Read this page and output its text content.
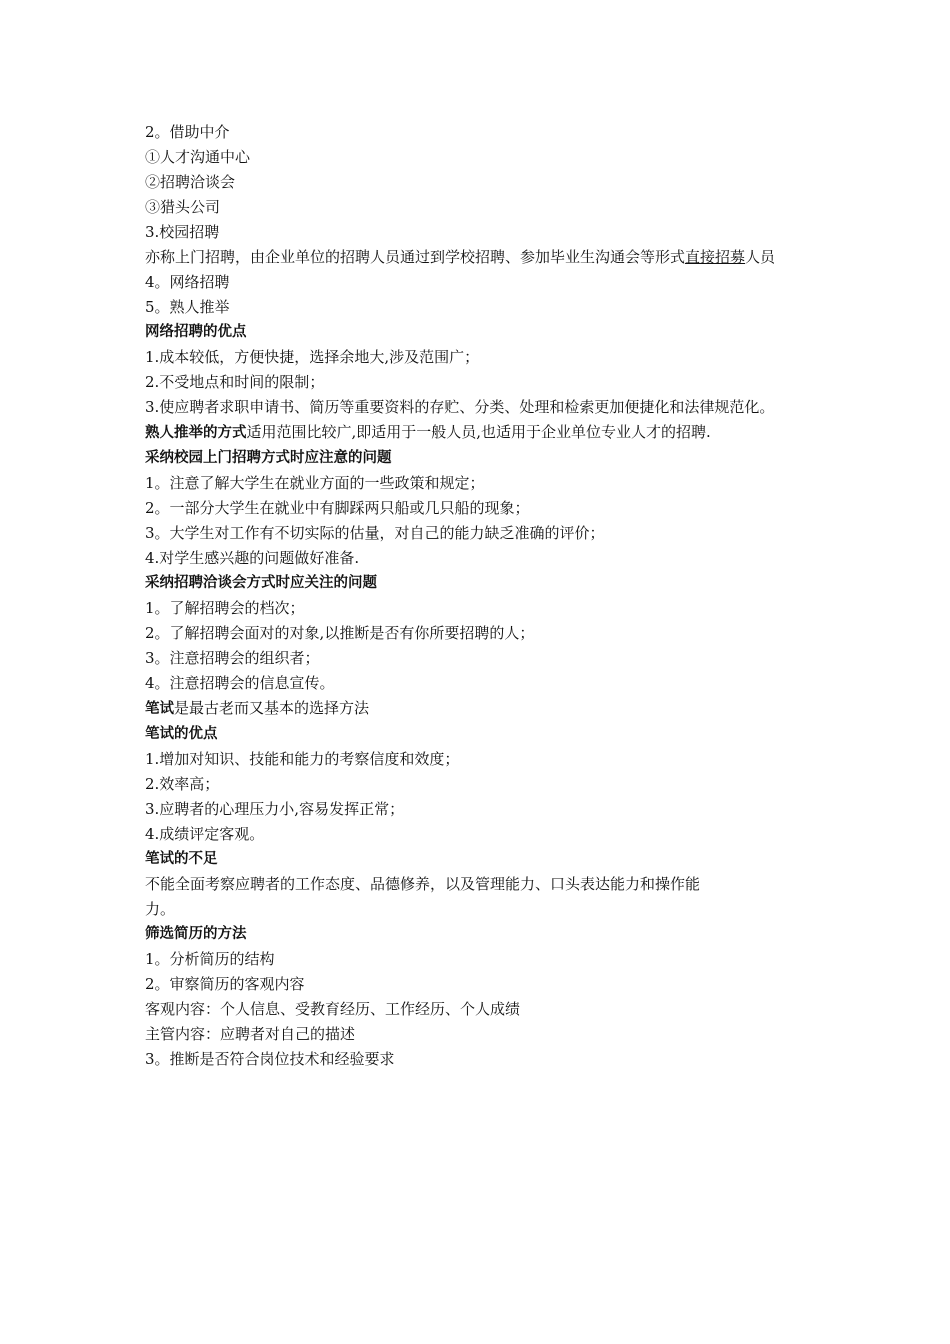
2。借助中介
①人才沟通中心
②招聘洽谈会
③猎头公司
3.校园招聘
亦称上门招聘，由企业单位的招聘人员通过到学校招聘、参加毕业生沟通会等形式直接招募人员
4。网络招聘
5。熟人推举
网络招聘的优点
1.成本较低，方便快捷，选择余地大,涉及范围广；
2.不受地点和时间的限制；
3.使应聘者求职申请书、简历等重要资料的存贮、分类、处理和检索更加便捷化和法律规范化。
熟人推举的方式适用范围比较广,即适用于一般人员,也适用于企业单位专业人才的招聘.
采纳校园上门招聘方式时应注意的问题
1。注意了解大学生在就业方面的一些政策和规定；
2。一部分大学生在就业中有脚踩两只船或几只船的现象；
3。大学生对工作有不切实际的估量，对自己的能力缺乏准确的评价；
4.对学生感兴趣的问题做好准备.
采纳招聘洽谈会方式时应关注的问题
1。了解招聘会的档次；
2。了解招聘会面对的对象,以推断是否有你所要招聘的人；
3。注意招聘会的组织者；
4。注意招聘会的信息宣传。
笔试是最古老而又基本的选择方法
笔试的优点
1.增加对知识、技能和能力的考察信度和效度；
2.效率高；
3.应聘者的心理压力小,容易发挥正常；
4.成绩评定客观。
笔试的不足
不能全面考察应聘者的工作态度、品德修养，以及管理能力、口头表达能力和操作能
力。
筛选简历的方法
1。分析简历的结构
2。审察简历的客观内容
客观内容：个人信息、受教育经历、工作经历、个人成绩
主管内容：应聘者对自己的描述
3。推断是否符合岗位技术和经验要求
